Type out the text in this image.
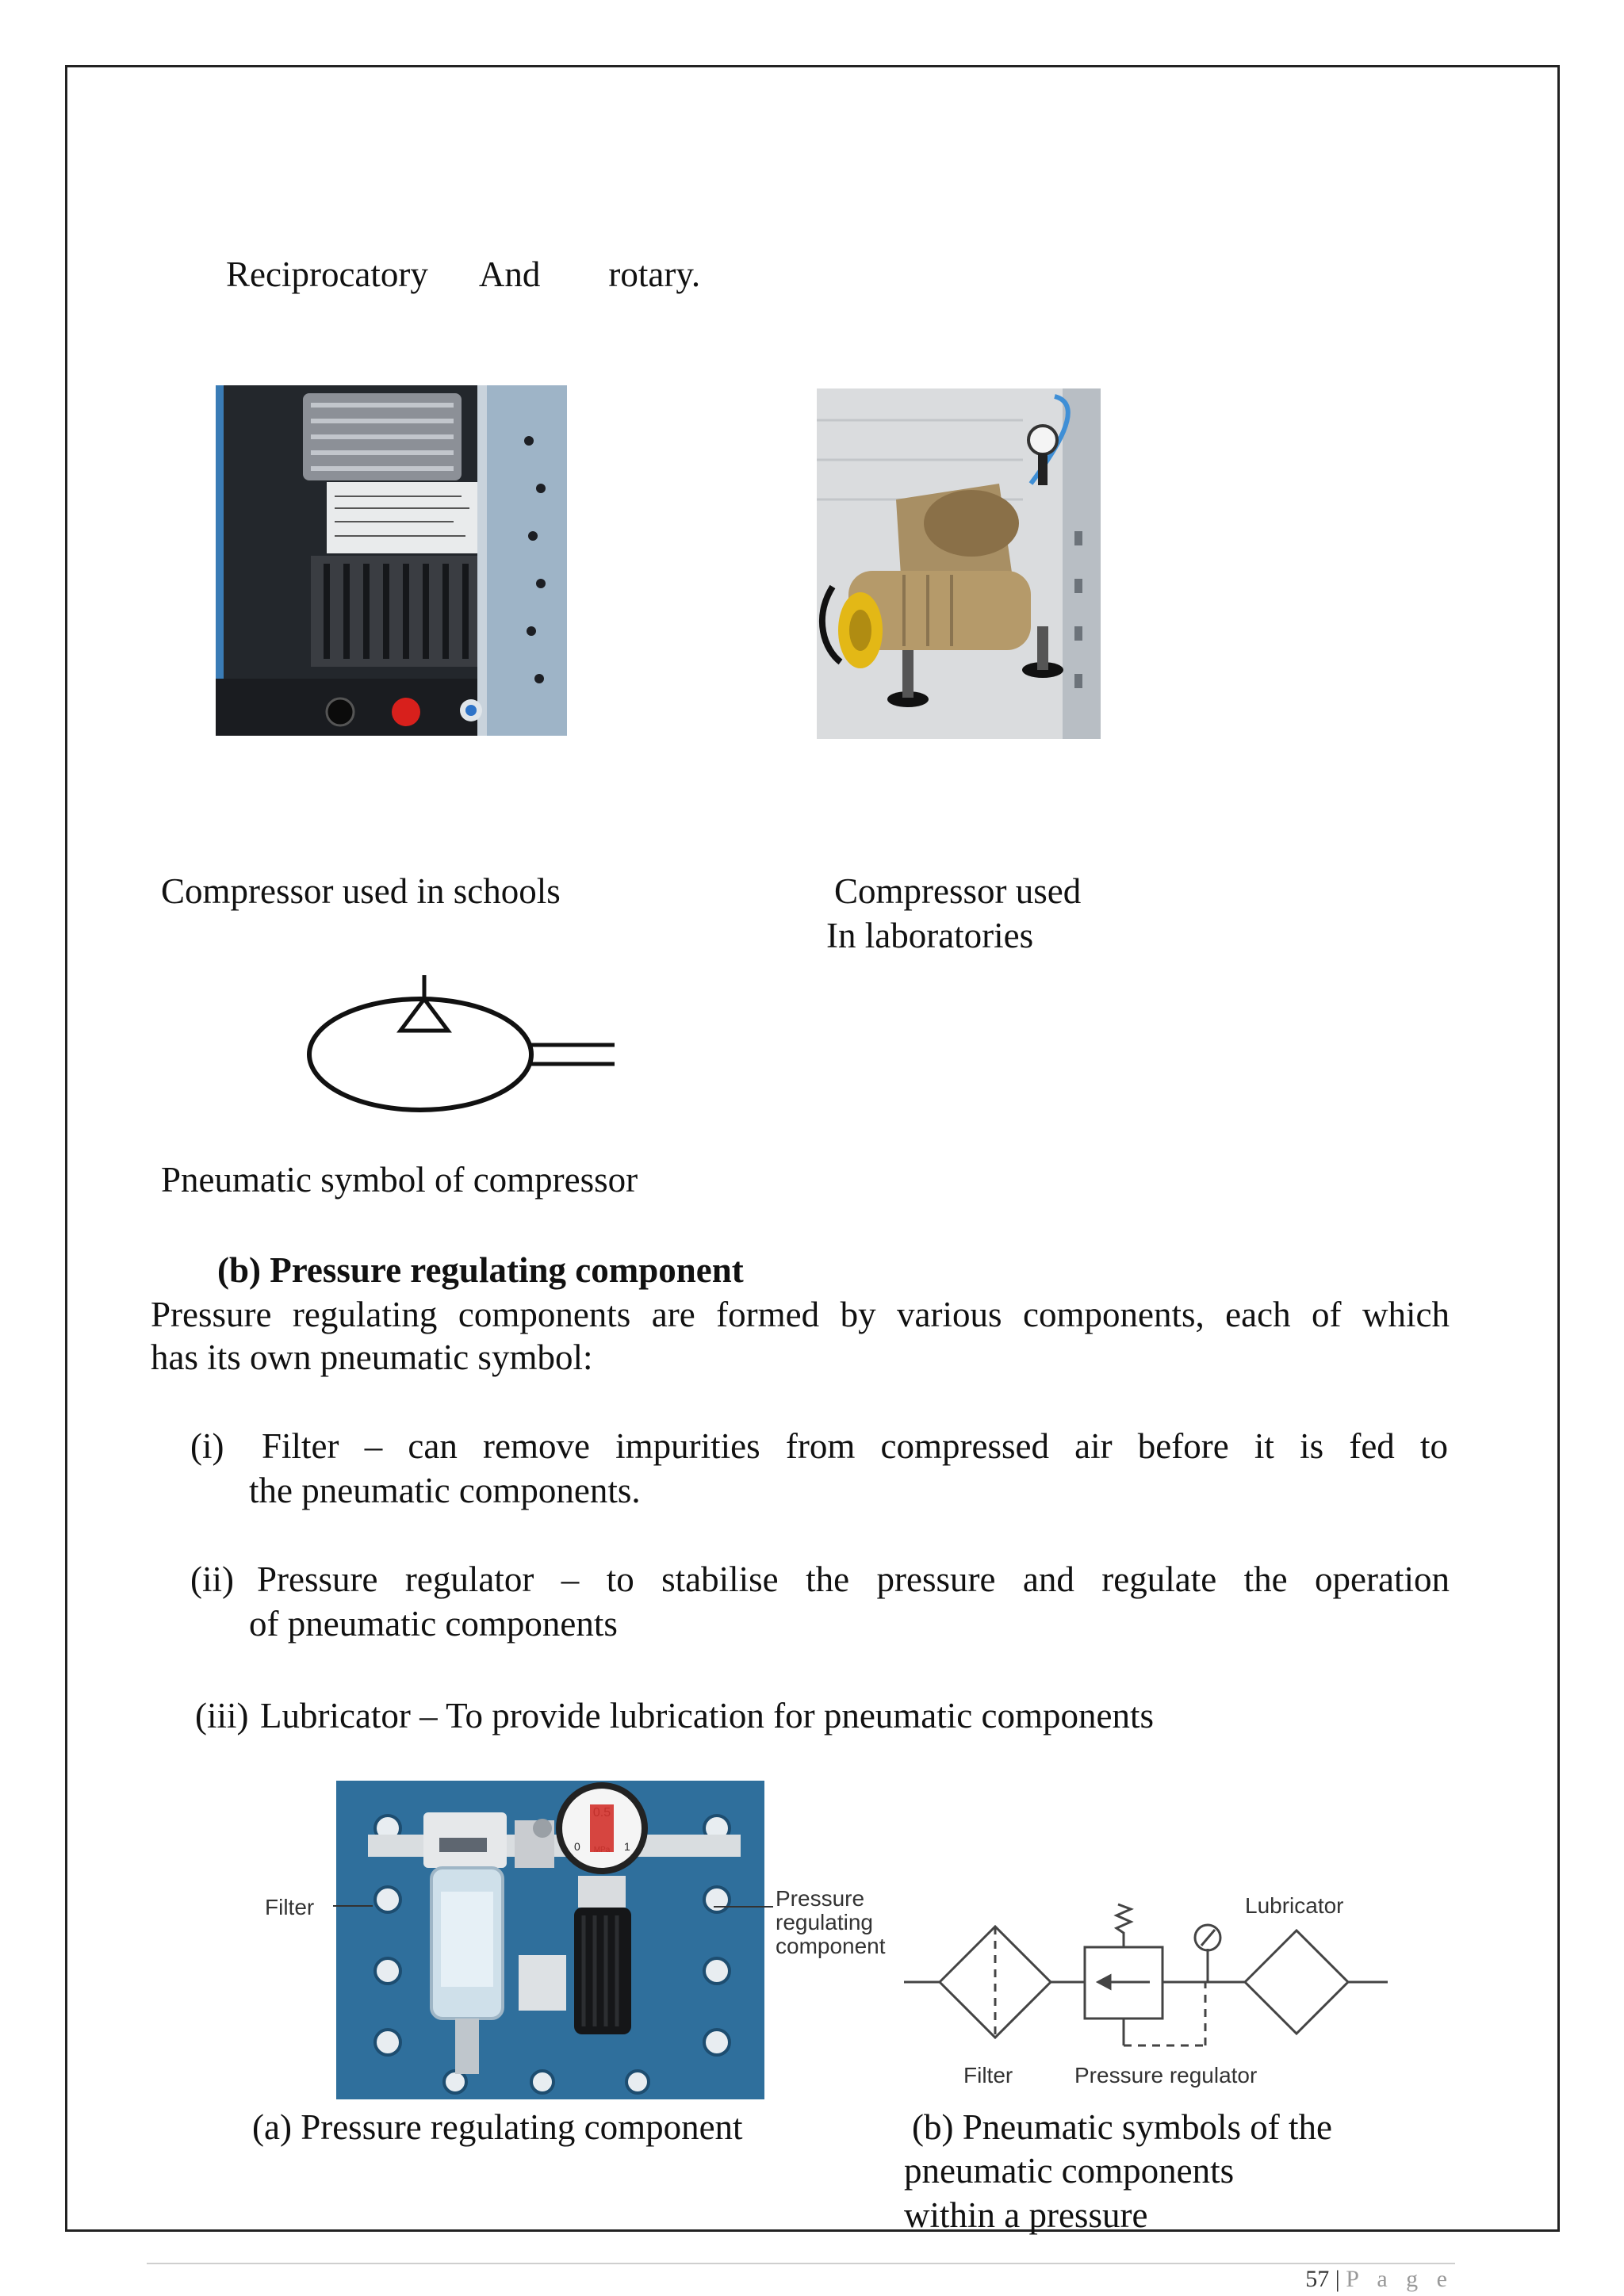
Reciprocatory And rotary.
Compressor used in schools	Compressor used
In laboratories
Pneumatic symbol of compressor
(b) Pressure regulating component
Pressure regulating components are formed by various components, each of which
has its own pneumatic symbol:
(i) Filter – can remove impurities from compressed air before it is fed to
the pneumatic components.
(ii) Pressure regulator – to stabilise the pressure and regulate the operation
of pneumatic components
(iii) Lubricator – To provide lubrication for pneumatic components
0	1
Filter	Pressure
regulating
component
Filter	Pressure regulator
Lubricator
(a) Pressure regulating component	(b) Pneumatic symbols of the
pneumatic components
within a pressure
57 | P a g e
